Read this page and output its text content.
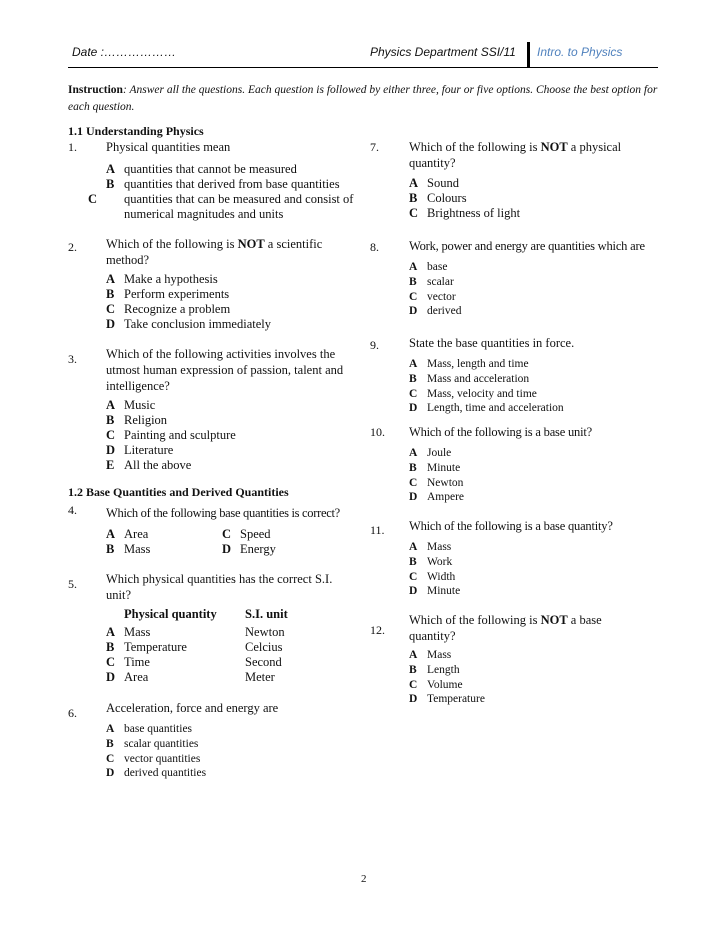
Date :………………	Physics Department SSI/11 Intro. to Physics
Instruction: Answer all the questions. Each question is followed by either three, four or five options. Choose the best option for each question.
1.1 Understanding Physics
1. Physical quantities mean
A quantities that cannot be measured
B quantities that derived from base quantities
C quantities that can be measured and consist of numerical magnitudes and units
2. Which of the following is NOT a scientific method?
A Make a hypothesis
B Perform experiments
C Recognize a problem
D Take conclusion immediately
3. Which of the following activities involves the utmost human expression of passion, talent and intelligence?
A Music
B Religion
C Painting and sculpture
D Literature
E All the above
1.2 Base Quantities and Derived Quantities
4. Which of the following base quantities is correct?
A Area
B Mass
C Speed
D Energy
5. Which physical quantities has the correct S.I. unit?
Physical quantity S.I. unit
A Mass	Newton
B Temperature	Celcius
C Time	Second
D Area	Meter
6. Acceleration, force and energy are
A base quantities
B scalar quantities
C vector quantities
D derived quantities
7. Which of the following is NOT a physical quantity?
A Sound
B Colours
C Brightness of light
8. Work, power and energy are quantities which are
A base
B scalar
C vector
D derived
9. State the base quantities in force.
A Mass, length and time
B Mass and acceleration
C Mass, velocity and time
D Length, time and acceleration
10. Which of the following is a base unit?
A Joule
B Minute
C Newton
D Ampere
11. Which of the following is a base quantity?
A Mass
B Work
C Width
D Minute
12.
Which of the following is NOT a base quantity?
A Mass
B Length
C Volume
D Temperature
2
